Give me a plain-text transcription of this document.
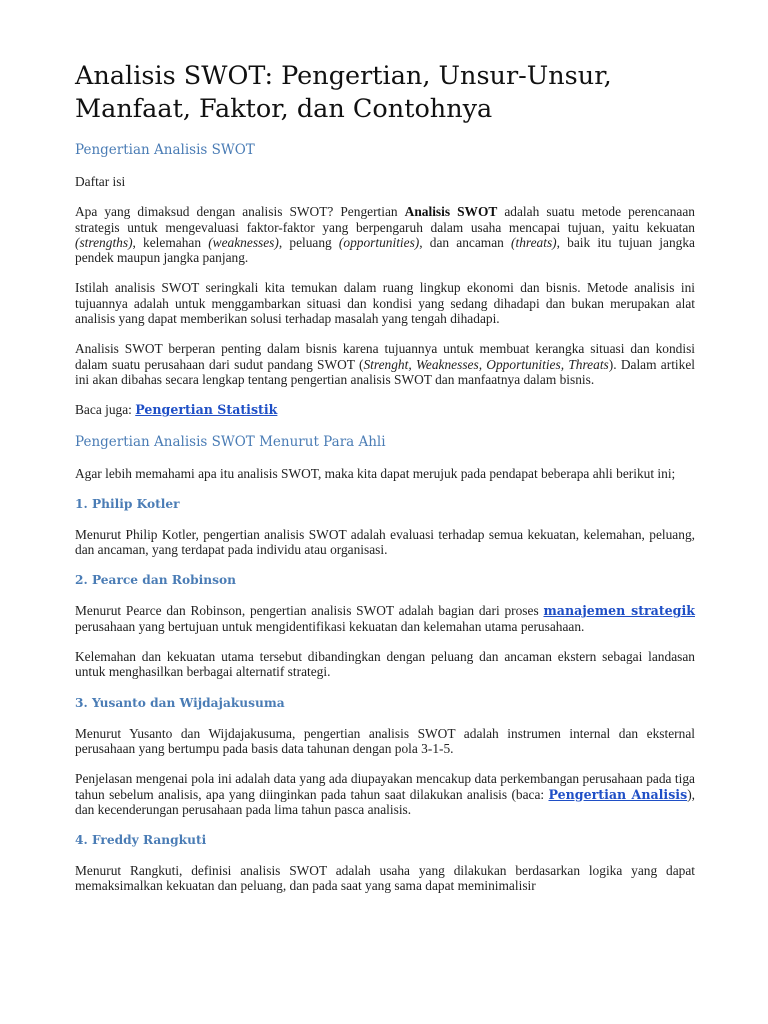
Analisis SWOT: Pengertian, Unsur-Unsur, Manfaat, Faktor, dan Contohnya
Pengertian Analisis SWOT

Daftar isi

Apa yang dimaksud dengan analisis SWOT? Pengertian Analisis SWOT adalah suatu metode perencanaan strategis untuk mengevaluasi faktor-faktor yang berpengaruh dalam usaha mencapai tujuan, yaitu kekuatan (strengths), kelemahan (weaknesses), peluang (opportunities), dan ancaman (threats), baik itu tujuan jangka pendek maupun jangka panjang.

Istilah analisis SWOT seringkali kita temukan dalam ruang lingkup ekonomi dan bisnis. Metode analisis ini tujuannya adalah untuk menggambarkan situasi dan kondisi yang sedang dihadapi dan bukan merupakan alat analisis yang dapat memberikan solusi terhadap masalah yang tengah dihadapi.

Analisis SWOT berperan penting dalam bisnis karena tujuannya untuk membuat kerangka situasi dan kondisi dalam suatu perusahaan dari sudut pandang SWOT (Strenght, Weaknesses, Opportunities, Threats). Dalam artikel ini akan dibahas secara lengkap tentang pengertian analisis SWOT dan manfaatnya dalam bisnis.

Baca juga: Pengertian Statistik

Pengertian Analisis SWOT Menurut Para Ahli

Agar lebih memahami apa itu analisis SWOT, maka kita dapat merujuk pada pendapat beberapa ahli berikut ini;

1. Philip Kotler

Menurut Philip Kotler, pengertian analisis SWOT adalah evaluasi terhadap semua kekuatan, kelemahan, peluang, dan ancaman, yang terdapat pada individu atau organisasi.

2. Pearce dan Robinson

Menurut Pearce dan Robinson, pengertian analisis SWOT adalah bagian dari proses manajemen strategik perusahaan yang bertujuan untuk mengidentifikasi kekuatan dan kelemahan utama perusahaan.

Kelemahan dan kekuatan utama tersebut dibandingkan dengan peluang dan ancaman ekstern sebagai landasan untuk menghasilkan berbagai alternatif strategi.

3. Yusanto dan Wijdajakusuma

Menurut Yusanto dan Wijdajakusuma, pengertian analisis SWOT adalah instrumen internal dan eksternal perusahaan yang bertumpu pada basis data tahunan dengan pola 3-1-5.

Penjelasan mengenai pola ini adalah data yang ada diupayakan mencakup data perkembangan perusahaan pada tiga tahun sebelum analisis, apa yang diinginkan pada tahun saat dilakukan analisis (baca: Pengertian Analisis), dan kecenderungan perusahaan pada lima tahun pasca analisis.

4. Freddy Rangkuti

Menurut Rangkuti, definisi analisis SWOT adalah usaha yang dilakukan berdasarkan logika yang dapat memaksimalkan kekuatan dan peluang, dan pada saat yang sama dapat meminimalisir
